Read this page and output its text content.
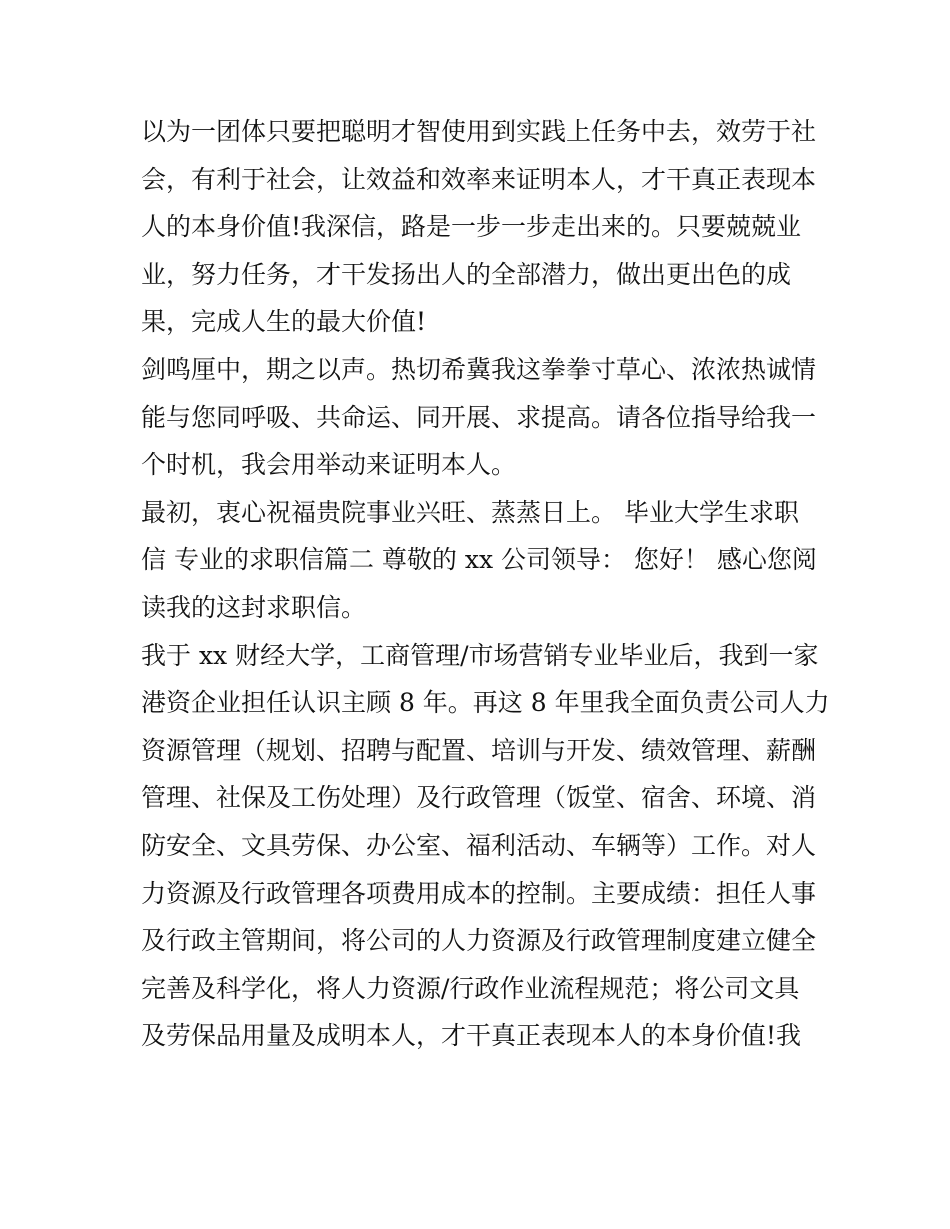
以为一团体只要把聪明才智使用到实践上任务中去，效劳于社
会，有利于社会，让效益和效率来证明本人，才干真正表现本
人的本身价值!我深信，路是一步一步走出来的。只要兢兢业
业，努力任务，才干发扬出人的全部潜力，做出更出色的成
果，完成人生的最大价值!
剑鸣厘中，期之以声。热切希冀我这拳拳寸草心、浓浓热诚情
能与您同呼吸、共命运、同开展、求提高。请各位指导给我一
个时机，我会用举动来证明本人。
最初，衷心祝福贵院事业兴旺、蒸蒸日上。 毕业大学生求职
信 专业的求职信篇二 尊敬的 xx 公司领导： 您好！ 感心您阅
读我的这封求职信。
我于 xx 财经大学，工商管理/市场营销专业毕业后，我到一家
港资企业担任认识主顾 8 年。再这 8 年里我全面负责公司人力
资源管理（规划、招聘与配置、培训与开发、绩效管理、薪酬
管理、社保及工伤处理）及行政管理（饭堂、宿舍、环境、消
防安全、文具劳保、办公室、福利活动、车辆等）工作。对人
力资源及行政管理各项费用成本的控制。主要成绩：担任人事
及行政主管期间，将公司的人力资源及行政管理制度建立健全
完善及科学化，将人力资源/行政作业流程规范；将公司文具
及劳保品用量及成明本人，才干真正表现本人的本身价值!我
